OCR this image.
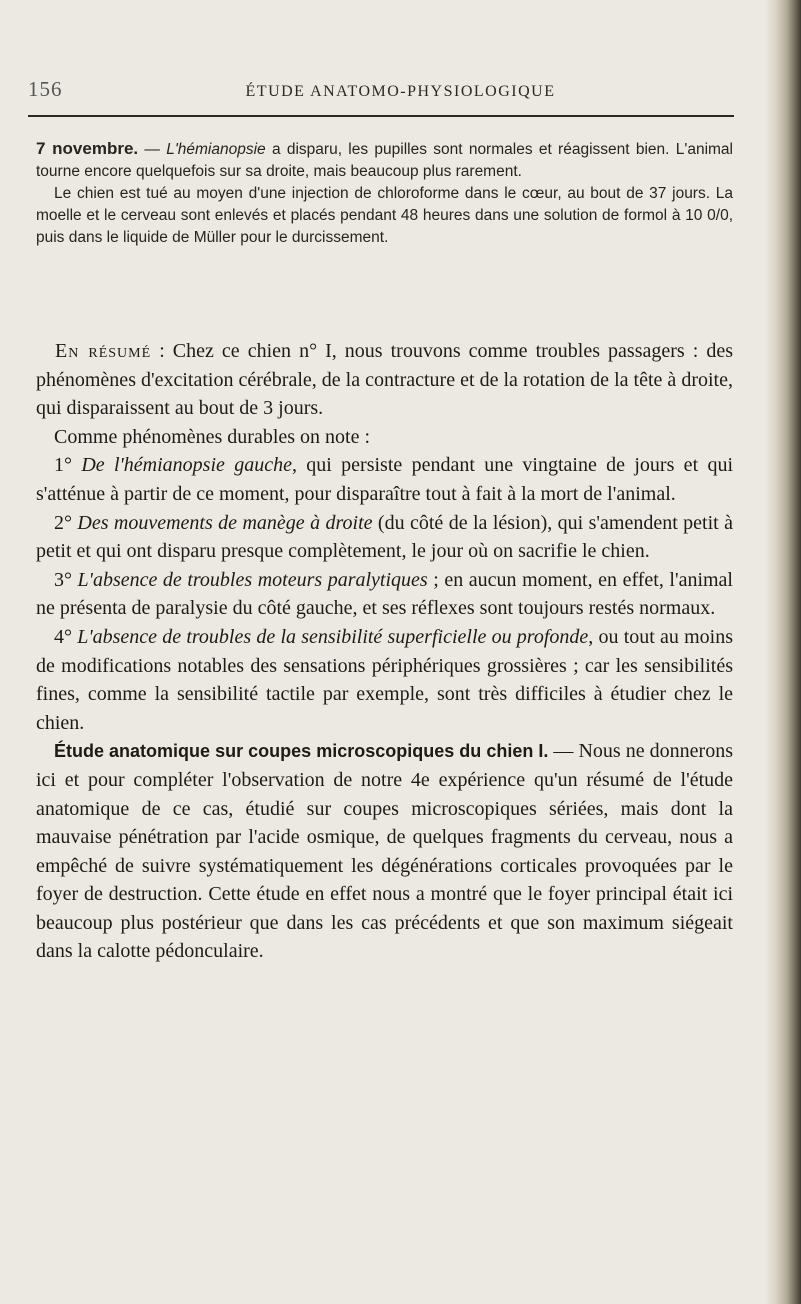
156	ÉTUDE ANATOMO-PHYSIOLOGIQUE

7 novembre. — L'hémianopsie a disparu, les pupilles sont normales et réagissent bien. L'animal tourne encore quelquefois sur sa droite, mais beaucoup plus rarement.

Le chien est tué au moyen d'une injection de chloroforme dans le cœur, au bout de 37 jours. La moelle et le cerveau sont enlevés et placés pendant 48 heures dans une solution de formol à 10 0/0, puis dans le liquide de Müller pour le durcissement.

En résumé : Chez ce chien n° I, nous trouvons comme troubles passagers : des phénomènes d'excitation cérébrale, de la contracture et de la rotation de la tête à droite, qui disparaissent au bout de 3 jours.

Comme phénomènes durables on note :

1° De l'hémianopsie gauche, qui persiste pendant une vingtaine de jours et qui s'atténue à partir de ce moment, pour disparaître tout à fait à la mort de l'animal.

2° Des mouvements de manège à droite (du côté de la lésion), qui s'amendent petit à petit et qui ont disparu presque complètement, le jour où on sacrifie le chien.

3° L'absence de troubles moteurs paralytiques ; en aucun moment, en effet, l'animal ne présenta de paralysie du côté gauche, et ses réflexes sont toujours restés normaux.

4° L'absence de troubles de la sensibilité superficielle ou profonde, ou tout au moins de modifications notables des sensations périphériques grossières ; car les sensibilités fines, comme la sensibilité tactile par exemple, sont très difficiles à étudier chez le chien.

Étude anatomique sur coupes microscopiques du chien I. — Nous ne donnerons ici et pour compléter l'observation de notre 4e expérience qu'un résumé de l'étude anatomique de ce cas, étudié sur coupes microscopiques sériées, mais dont la mauvaise pénétration par l'acide osmique, de quelques fragments du cerveau, nous a empêché de suivre systématiquement les dégénérations corticales provoquées par le foyer de destruction. Cette étude en effet nous a montré que le foyer principal était ici beaucoup plus postérieur que dans les cas précédents et que son maximum siégeait dans la calotte pédonculaire.
